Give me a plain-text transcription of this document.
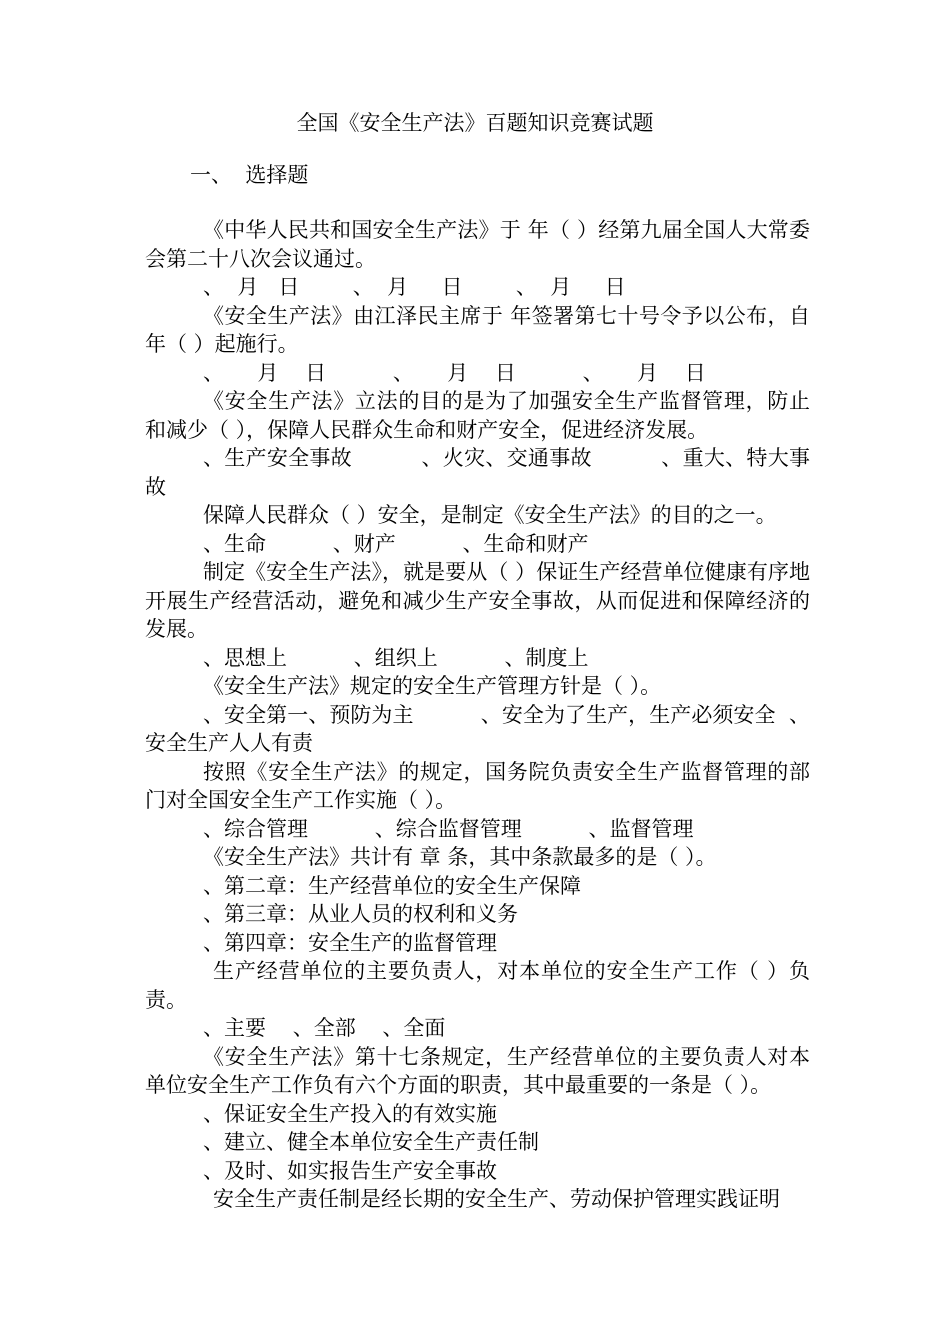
全国《安全生产法》百题知识竞赛试题
一、  选择题

《中华人民共和国安全生产法》于 年（ ）经第九届全国人大常委会第二十八次会议通过。

、  月   日        、  月     日        、  月     日

《安全生产法》由江泽民主席于 年签署第七十号令予以公布，自 年（ ）起施行。

、     月    日          、     月    日          、     月    日

《安全生产法》立法的目的是为了加强安全生产监督管理，防止和减少（ ），保障人民群众生命和财产安全，促进经济发展。

、生产安全事故          、火灾、交通事故          、重大、特大事故

保障人民群众（ ）安全，是制定《安全生产法》的目的之一。

、生命          、财产          、生命和财产

制定《安全生产法》，就是要从（ ）保证生产经营单位健康有序地开展生产经营活动，避免和减少生产安全事故，从而促进和保障经济的发展。

、思想上          、组织上          、制度上

《安全生产法》规定的安全生产管理方针是（ ）。

、安全第一、预防为主          、安全为了生产，生产必须安全  、安全生产人人有责

按照《安全生产法》的规定，国务院负责安全生产监督管理的部门对全国安全生产工作实施（ ）。

、综合管理          、综合监督管理          、监督管理

《安全生产法》共计有 章 条，其中条款最多的是（ ）。

、第二章：生产经营单位的安全生产保障

、第三章：从业人员的权利和义务

、第四章：安全生产的监督管理

生产经营单位的主要负责人，对本单位的安全生产工作（ ）负责。

、主要    、全部    、全面

《安全生产法》第十七条规定，生产经营单位的主要负责人对本单位安全生产工作负有六个方面的职责，其中最重要的一条是（ ）。

、保证安全生产投入的有效实施

、建立、健全本单位安全生产责任制

、及时、如实报告生产安全事故

安全生产责任制是经长期的安全生产、劳动保护管理实践证明
